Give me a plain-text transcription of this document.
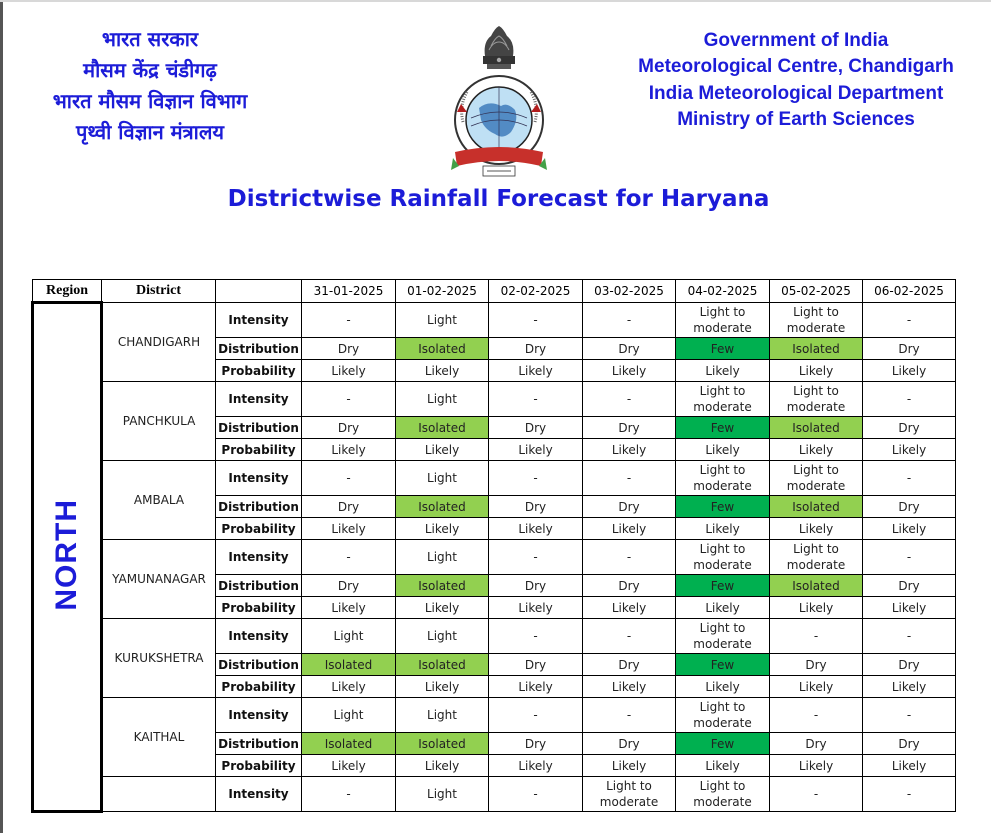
भारत सरकार
मौसम केंद्र चंडीगढ़
भारत मौसम विज्ञान विभाग
पृथ्वी विज्ञान मंत्रालय
Government of India
Meteorological Centre, Chandigarh
India Meteorological Department
Ministry of Earth Sciences
Districtwise Rainfall Forecast for Haryana
Region	District		31-01-2025	01-02-2025	02-02-2025	03-02-2025	04-02-2025	05-02-2025	06-02-2025
NORTH	CHANDIGARH	Intensity	-	Light	-	-	Light to moderate	Light to moderate	-
		Distribution	Dry	Isolated	Dry	Dry	Few	Isolated	Dry
		Probability	Likely	Likely	Likely	Likely	Likely	Likely	Likely
	PANCHKULA	Intensity	-	Light	-	-	Light to moderate	Light to moderate	-
		Distribution	Dry	Isolated	Dry	Dry	Few	Isolated	Dry
		Probability	Likely	Likely	Likely	Likely	Likely	Likely	Likely
	AMBALA	Intensity	-	Light	-	-	Light to moderate	Light to moderate	-
		Distribution	Dry	Isolated	Dry	Dry	Few	Isolated	Dry
		Probability	Likely	Likely	Likely	Likely	Likely	Likely	Likely
	YAMUNANAGAR	Intensity	-	Light	-	-	Light to moderate	Light to moderate	-
		Distribution	Dry	Isolated	Dry	Dry	Few	Isolated	Dry
		Probability	Likely	Likely	Likely	Likely	Likely	Likely	Likely
	KURUKSHETRA	Intensity	Light	Light	-	-	Light to moderate	-	-
		Distribution	Isolated	Isolated	Dry	Dry	Few	Dry	Dry
		Probability	Likely	Likely	Likely	Likely	Likely	Likely	Likely
	KAITHAL	Intensity	Light	Light	-	-	Light to moderate	-	-
		Distribution	Isolated	Isolated	Dry	Dry	Few	Dry	Dry
		Probability	Likely	Likely	Likely	Likely	Likely	Likely	Likely
		Intensity	-	Light	-	Light to moderate	Light to moderate	-	-
